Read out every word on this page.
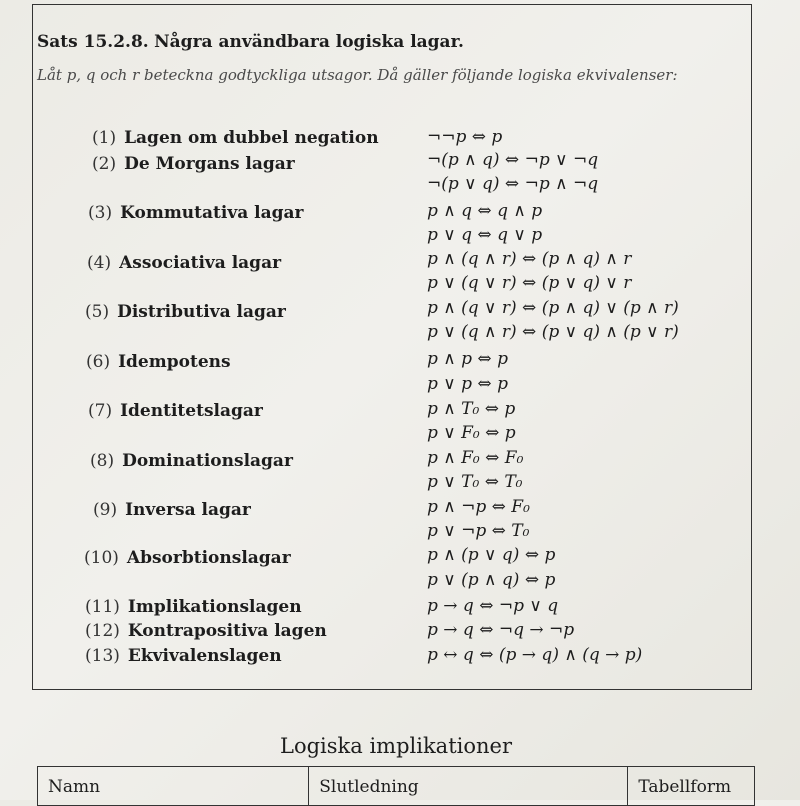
Sats 15.2.8. Några användbara logiska lagar.
Låt p, q och r beteckna godtyckliga utsagor. Då gäller följande logiska ekvivalenser:
(1) Lagen om dubbel negation
(2) De Morgans lagar
(3) Kommutativa lagar
(4) Associativa lagar
(5) Distributiva lagar
(6) Idempotens
(7) Identitetslagar
(8) Dominationslagar
(9) Inversa lagar
(10) Absorbtionslagar
(11) Implikationslagen
(12) Kontrapositiva lagen
(13) Ekvivalenslagen
¬¬p ⇔ p
¬(p ∧ q) ⇔ ¬p ∨ ¬q
¬(p ∨ q) ⇔ ¬p ∧ ¬q
p ∧ q ⇔ q ∧ p
p ∨ q ⇔ q ∨ p
p ∧ (q ∧ r) ⇔ (p ∧ q) ∧ r
p ∨ (q ∨ r) ⇔ (p ∨ q) ∨ r
p ∧ (q ∨ r) ⇔ (p ∧ q) ∨ (p ∧ r)
p ∨ (q ∧ r) ⇔ (p ∨ q) ∧ (p ∨ r)
p ∧ p ⇔ p
p ∨ p ⇔ p
p ∧ T₀ ⇔ p
p ∨ F₀ ⇔ p
p ∧ F₀ ⇔ F₀
p ∨ T₀ ⇔ T₀
p ∧ ¬p ⇔ F₀
p ∨ ¬p ⇔ T₀
p ∧ (p ∨ q) ⇔ p
p ∨ (p ∧ q) ⇔ p
p → q ⇔ ¬p ∨ q
p → q ⇔ ¬q → ¬p
p ↔ q ⇔ (p → q) ∧ (q → p)
Logiska implikationer
Namn	Slutledning	Tabellform
